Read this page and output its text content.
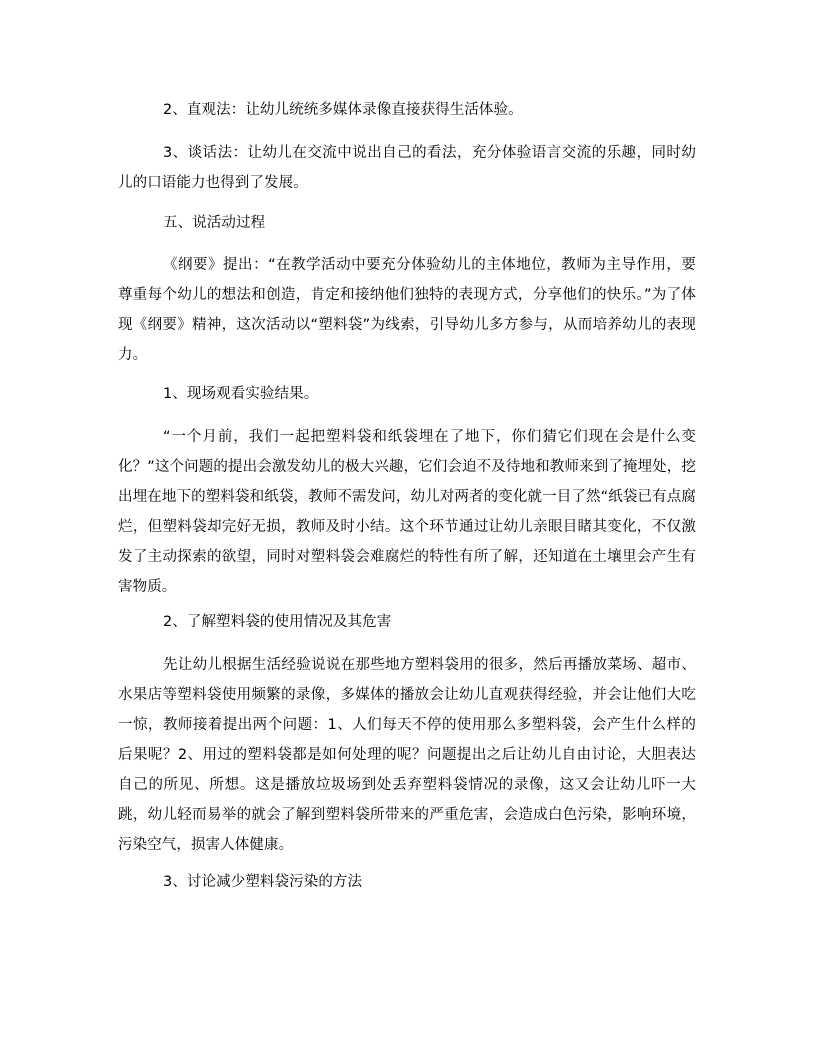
2、直观法：让幼儿统统多媒体录像直接获得生活体验。

3、谈话法：让幼儿在交流中说出自己的看法，充分体验语言交流的乐趣，同时幼儿的口语能力也得到了发展。

五、说活动过程

《纲要》提出：“在教学活动中要充分体验幼儿的主体地位，教师为主导作用，要尊重每个幼儿的想法和创造，肯定和接纳他们独特的表现方式，分享他们的快乐。”为了体现《纲要》精神，这次活动以“塑料袋”为线索，引导幼儿多方参与，从而培养幼儿的表现力。

1、现场观看实验结果。

“一个月前，我们一起把塑料袋和纸袋埋在了地下，你们猜它们现在会是什么变化？”这个问题的提出会激发幼儿的极大兴趣，它们会迫不及待地和教师来到了掩埋处，挖出埋在地下的塑料袋和纸袋，教师不需发问，幼儿对两者的变化就一目了然“纸袋已有点腐烂，但塑料袋却完好无损，教师及时小结。这个环节通过让幼儿亲眼目睹其变化，不仅激发了主动探索的欲望，同时对塑料袋会难腐烂的特性有所了解，还知道在土壤里会产生有害物质。

2、了解塑料袋的使用情况及其危害

先让幼儿根据生活经验说说在那些地方塑料袋用的很多，然后再播放菜场、超市、水果店等塑料袋使用频繁的录像，多媒体的播放会让幼儿直观获得经验，并会让他们大吃一惊，教师接着提出两个问题：1、人们每天不停的使用那么多塑料袋，会产生什么样的后果呢？2、用过的塑料袋都是如何处理的呢？问题提出之后让幼儿自由讨论，大胆表达自己的所见、所想。这是播放垃圾场到处丢弃塑料袋情况的录像，这又会让幼儿吓一大跳，幼儿轻而易举的就会了解到塑料袋所带来的严重危害，会造成白色污染，影响环境，污染空气，损害人体健康。

3、讨论减少塑料袋污染的方法
